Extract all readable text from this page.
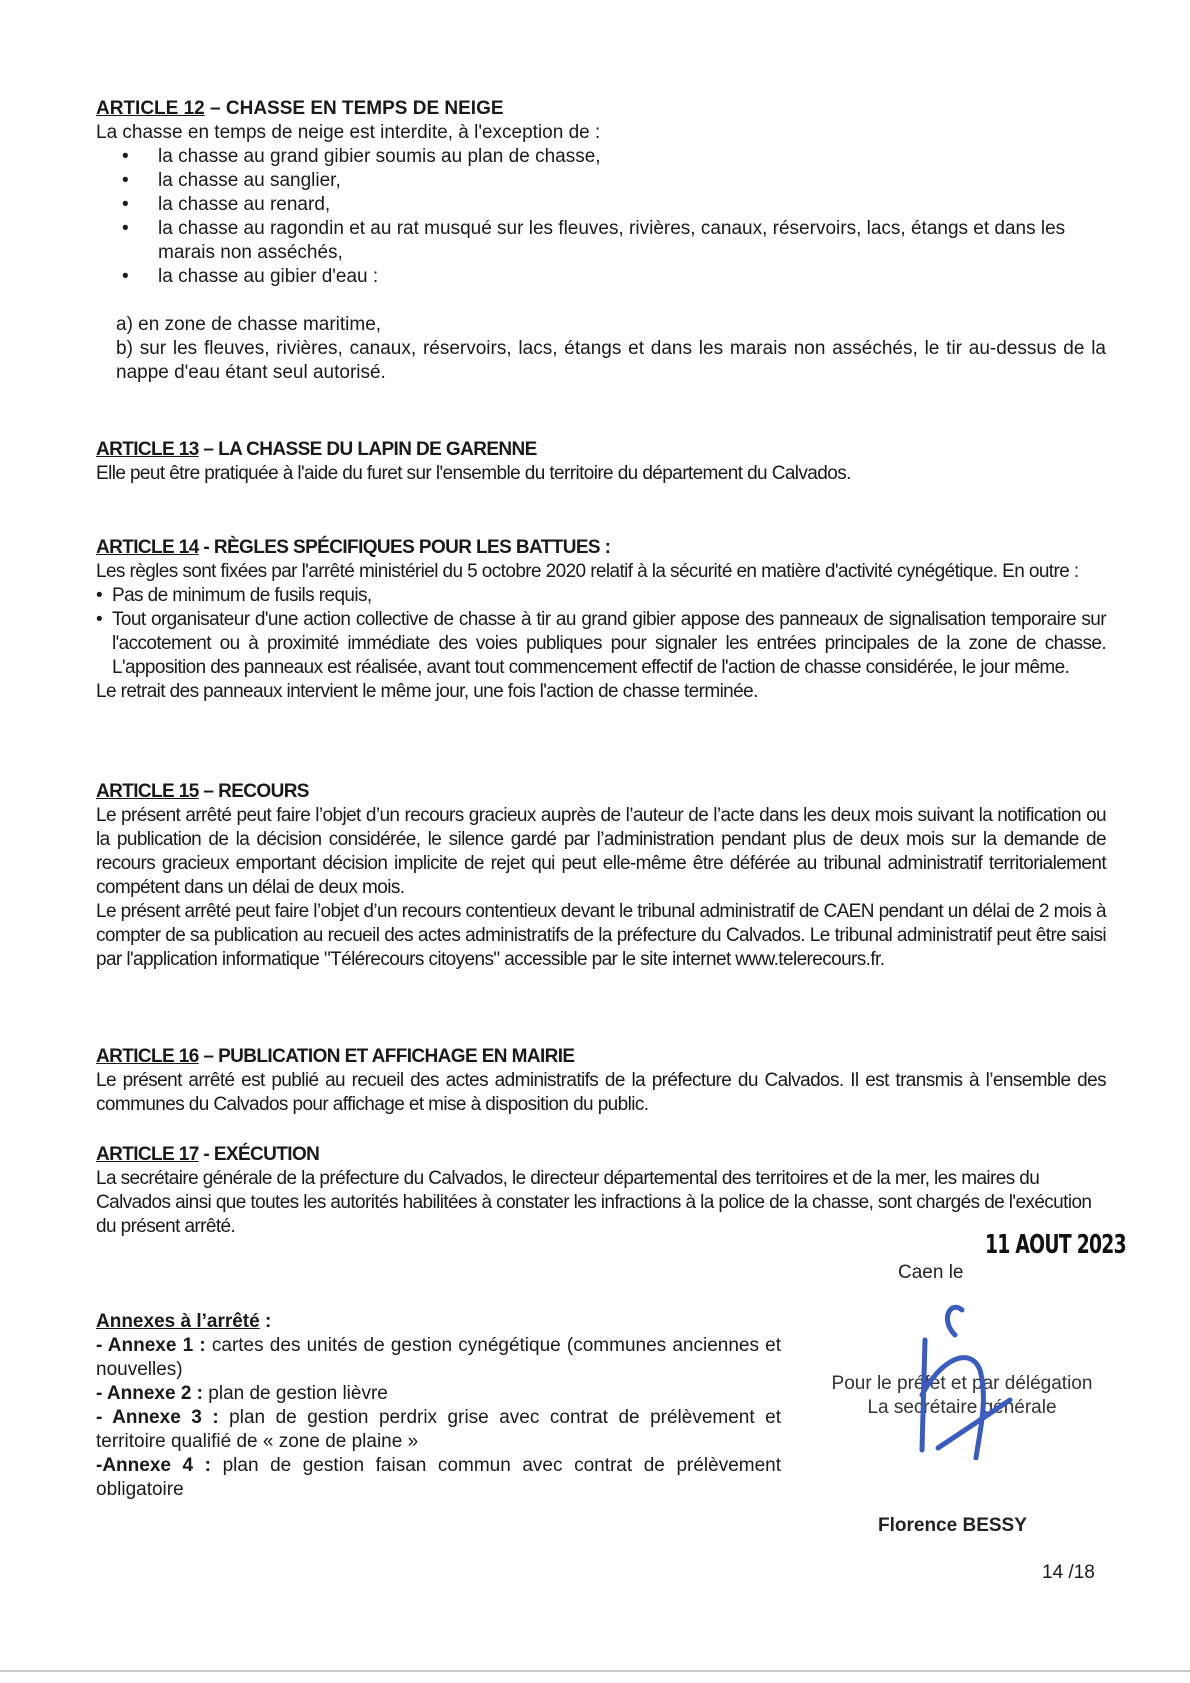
ARTICLE 12 – CHASSE EN TEMPS DE NEIGE

La chasse en temps de neige est interdite, à l'exception de :

• la chasse au grand gibier soumis au plan de chasse,
• la chasse au sanglier,
• la chasse au renard,
• la chasse au ragondin et au rat musqué sur les fleuves, rivières, canaux, réservoirs, lacs, étangs et dans les marais non asséchés,
• la chasse au gibier d'eau :

a) en zone de chasse maritime,

b) sur les fleuves, rivières, canaux, réservoirs, lacs, étangs et dans les marais non asséchés, le tir au-dessus de la nappe d'eau étant seul autorisé.

ARTICLE 13 – LA CHASSE DU LAPIN DE GARENNE

Elle peut être pratiquée à l'aide du furet sur l'ensemble du territoire du département du Calvados.

ARTICLE 14 - RÈGLES SPÉCIFIQUES POUR LES BATTUES :

Les règles sont fixées par l'arrêté ministériel du 5 octobre 2020 relatif à la sécurité en matière d'activité cynégétique. En outre :

• Pas de minimum de fusils requis,
• Tout organisateur d'une action collective de chasse à tir au grand gibier appose des panneaux de signalisation temporaire sur l'accotement ou à proximité immédiate des voies publiques pour signaler les entrées principales de la zone de chasse. L'apposition des panneaux est réalisée, avant tout commencement effectif de l'action de chasse considérée, le jour même.

Le retrait des panneaux intervient le même jour, une fois l'action de chasse terminée.

ARTICLE 15 – RECOURS

Le présent arrêté peut faire l’objet d’un recours gracieux auprès de l’auteur de l’acte dans les deux mois suivant la notification ou la publication de la décision considérée, le silence gardé par l’administration pendant plus de deux mois sur la demande de recours gracieux emportant décision implicite de rejet qui peut elle-même être déférée au tribunal administratif territorialement compétent dans un délai de deux mois.

Le présent arrêté peut faire l’objet d’un recours contentieux devant le tribunal administratif de CAEN pendant un délai de 2 mois à compter de sa publication au recueil des actes administratifs de la préfecture du Calvados. Le tribunal administratif peut être saisi par l'application informatique "Télérecours citoyens" accessible par le site internet www.telerecours.fr.

ARTICLE 16 – PUBLICATION ET AFFICHAGE EN MAIRIE

Le présent arrêté est publié au recueil des actes administratifs de la préfecture du Calvados. Il est transmis à l’ensemble des communes du Calvados pour affichage et mise à disposition du public.

ARTICLE 17 - EXÉCUTION

La secrétaire générale de la préfecture du Calvados, le directeur départemental des territoires et de la mer, les maires du Calvados ainsi que toutes les autorités habilitées à constater les infractions à la police de la chasse, sont chargés de l'exécution du présent arrêté.

Annexes à l’arrêté :

- Annexe 1 : cartes des unités de gestion cynégétique (communes anciennes et nouvelles)

- Annexe 2 : plan de gestion lièvre

- Annexe 3 : plan de gestion perdrix grise avec contrat de prélèvement et territoire qualifié de « zone de plaine »

-Annexe 4 : plan de gestion faisan commun avec contrat de prélèvement obligatoire

11 AOUT 2023
Caen le
Pour le préfet et par délégation
La secrétaire générale
Florence BESSY
14 /18
